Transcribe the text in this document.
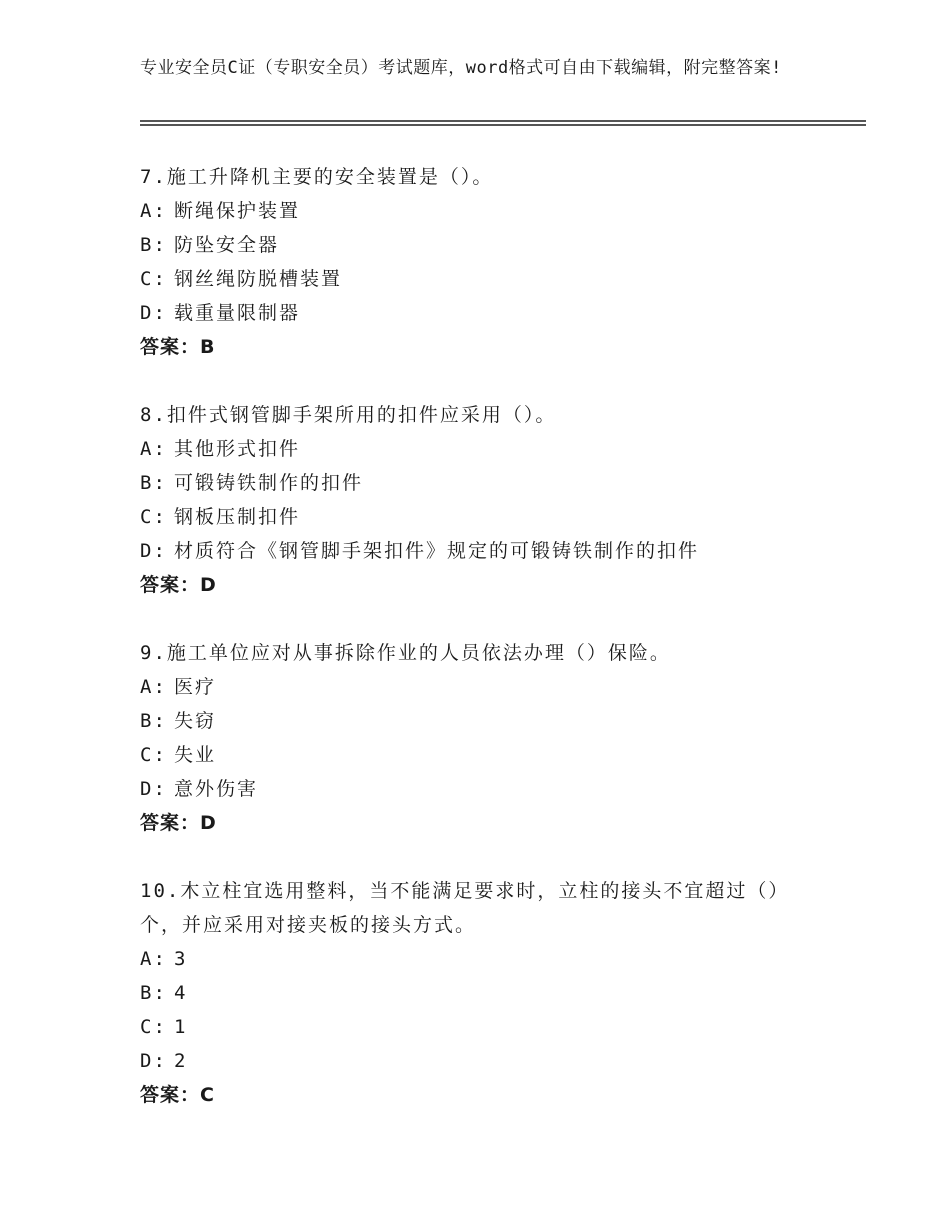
专业安全员C证（专职安全员）考试题库，word格式可自由下载编辑，附完整答案!
7.施工升降机主要的安全装置是（）。
A: 断绳保护装置
B: 防坠安全器
C: 钢丝绳防脱槽装置
D: 载重量限制器
答案：B
8.扣件式钢管脚手架所用的扣件应采用（）。
A: 其他形式扣件
B: 可锻铸铁制作的扣件
C: 钢板压制扣件
D: 材质符合《钢管脚手架扣件》规定的可锻铸铁制作的扣件
答案：D
9.施工单位应对从事拆除作业的人员依法办理（）保险。
A: 医疗
B: 失窃
C: 失业
D: 意外伤害
答案：D
10.木立柱宜选用整料，当不能满足要求时，立柱的接头不宜超过（）个，并应采用对接夹板的接头方式。
A: 3
B: 4
C: 1
D: 2
答案：C
